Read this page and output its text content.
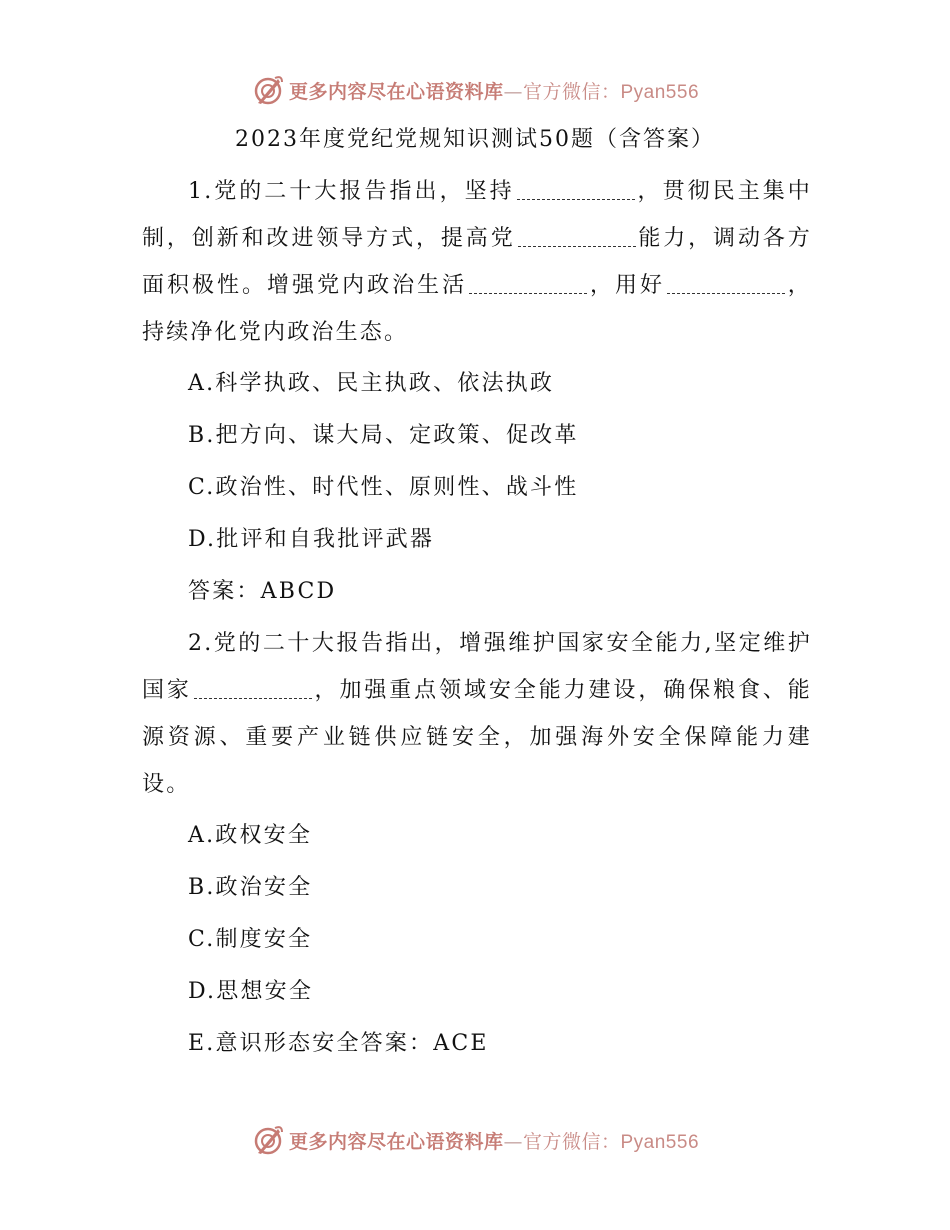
更多内容尽在心语资料库—官方微信：Pyan556
2023年度党纪党规知识测试50题（含答案）

1.党的二十大报告指出，坚持	，贯彻民主集中制，创新和改进领导方式，提高党	能力，调动各方面积极性。增强党内政治生活	，用好	，持续净化党内政治生态。

A.科学执政、民主执政、依法执政

B.把方向、谋大局、定政策、促改革

C.政治性、时代性、原则性、战斗性

D.批评和自我批评武器

答案：ABCD

2.党的二十大报告指出，增强维护国家安全能力,坚定维护国家	，加强重点领域安全能力建设，确保粮食、能源资源、重要产业链供应链安全，加强海外安全保障能力建设。

A.政权安全

B.政治安全

C.制度安全

D.思想安全

E.意识形态安全答案：ACE

更多内容尽在心语资料库—官方微信：Pyan556
